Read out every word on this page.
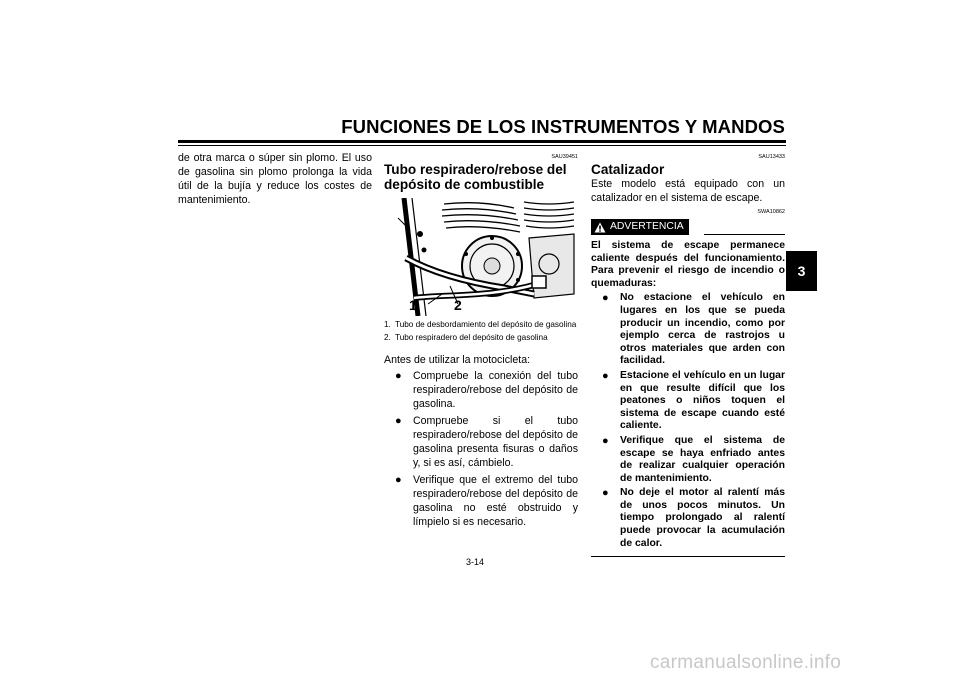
FUNCIONES DE LOS INSTRUMENTOS Y MANDOS
3
de otra marca o súper sin plomo. El uso de gasolina sin plomo prolonga la vida útil de la bujía y reduce los costes de mantenimiento.
SAU39451
Tubo respiradero/rebose del depósito de combustible
1	2
1. Tubo de desbordamiento del depósito de gasolina
2. Tubo respiradero del depósito de gasolina
Antes de utilizar la motocicleta:
● Compruebe la conexión del tubo respiradero/rebose del depósito de gasolina.
● Compruebe si el tubo respiradero/rebose del depósito de gasolina presenta fisuras o daños y, si es así, cámbielo.
● Verifique que el extremo del tubo respiradero/rebose del depósito de gasolina no esté obstruido y límpielo si es necesario.
SAU13433
Catalizador
Este modelo está equipado con un catalizador en el sistema de escape.
SWA10862
ADVERTENCIA
El sistema de escape permanece caliente después del funcionamiento. Para prevenir el riesgo de incendio o quemaduras:
● No estacione el vehículo en lugares en los que se pueda producir un incendio, como por ejemplo cerca de rastrojos u otros materiales que arden con facilidad.
● Estacione el vehículo en un lugar en que resulte difícil que los peatones o niños toquen el sistema de escape cuando esté caliente.
● Verifique que el sistema de escape se haya enfriado antes de realizar cualquier operación de mantenimiento.
● No deje el motor al ralentí más de unos pocos minutos. Un tiempo prolongado al ralentí puede provocar la acumulación de calor.
3-14
carmanualsonline.info
